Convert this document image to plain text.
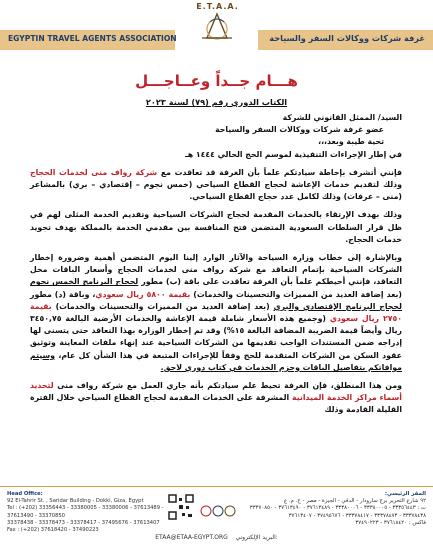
EGYPTIN TRAVEL AGENTS ASSOCIATION	غرفة شركات ووكالات السفر والسياحة
E.T.A.A.
هـــام جــداً وعــاجـــل
الكتاب الدوري رقم (٧٩) لسنة ٢٠٢٣

السيد/ الممثل القانوني للشركة

عضو غرفة شركات ووكالات السفر والسياحة

تحية طيبة وبعد،،،

في إطار الإجراءات التنفيذية لموسم الحج الحالي ١٤٤٤ هـ

فإنني أتشرف بإحاطة سيادتكم علماً بأن الغرفة قد تعاقدت مع شركة رواف منى لخدمات الحجاج وذلك لتقديم خدمات الإعاشة لحجاج القطاع السياحي (خمس نجوم – إقتصادي – بري) بالمشاعر (منى – عرفات) وذلك لكامل عدد حجاج القطاع السياحي.

وذلك بهدف الإرتقاء بالخدمات المقدمة لحجاج الشركات السياحية وتقديم الخدمة المثلى لهم في ظل قرار السلطات السعودية المتضمن فتح المنافسة بين مقدمي الخدمة بالمملكة بهدف تجويد خدمات الحجاج.

وبالإشارة إلى خطاب وزارة السياحة والآثار الوارد إلينا اليوم المتضمن أهمية وضرورة إخطار الشركات السياحية بإتمام التعاقد مع شركة رواف منى لخدمات الحجاج وأسعار الباقات محل التعاقد، فإنني أحيطكم علماً بأن الغرفة تعاقدت على باقة (ب) مطور لحجاج البرنامج الخمس نجوم (بعد إضافة العديد من المميزات والتحسينات والخدمات) بقيمة ٥٨٠٠ ريال سعودي، وباقة (د) مطور لحجاج البرنامج الإقتصادي والبري (بعد إضافة العديد من المميزات والتحسينات والخدمات) بقيمة ٢٧٥٠ ريال سعودي (وجميع هذه الأسعار شاملة قيمة الإعاشة والخدمات الأرضية البالغة ٣٤٥٠,٧٥ ريال وأيضاً قيمة الضريبة المضافة البالغة ١٥%) وقد تم إخطار الوزارة بهذا التعاقد حتى يتسنى لها إدراجه ضمن المستندات الواجب تقديمها من الشركات السياحية عند إنهاء ملفات المعاينة وتوثيق عقود السكن من الشركات المتقدمة للحج وفقاً للإجراءات المتبعة في هذا الشأن كل عام، وسيتم موافاتكم بتفاصيل الباقات وحزم الخدمات في كتاب دوري لاحق.

ومن هذا المنطلق، فإن الغرفة تحيط علم سيادتكم بأنه جاري العمل مع شركة رواف منى لتحديد أسماء مراكز الخدمة الميدانية المشرفة على الخدمات المقدمة لحجاج القطاع السياحي خلال الفترة القليلة القادمة وذلك

Head Office:
92 El-Tahrir St. , Saridar Building - Dokki, Giza, Egypt
Tel : (+202) 33356443 - 33380005 - 33380006 - 37613489 - 37613490 - 33370850
33378438 - 33378473 - 33378417 - 37495676 - 37613407
Fax : (+202) 37618420 - 37490223
المقر الرئيسي:
٩٢ شارع التحرير برج سارودار - الدقي - الجيزة - مصر - ج. م. ع
ت : ٣٣٣٥٦٤٤٣ - ٣٣٣٨٠٠٠٥ - ٣٣٣٨٠٠٠٦ - ٣٧٦١٣٤٨٩ - ٣٧٦١٣٤٩٠ - ٣٣٣٧٠٨٥٠
٣٣٣٧٨٤٣٨ - ٣٣٣٧٨٤٧٣ - ٣٣٣٧٨٤١٧ - ٣٧٤٩٥٦٧٦ - ٣٧٦١٣٤٠٧
فاكس : ٣٧٦١٨٤٢٠ - ٣٧٤٩٠٢٢٣
ETAA@ETAA-EGYPT.ORG البريد الإلكتروني:
